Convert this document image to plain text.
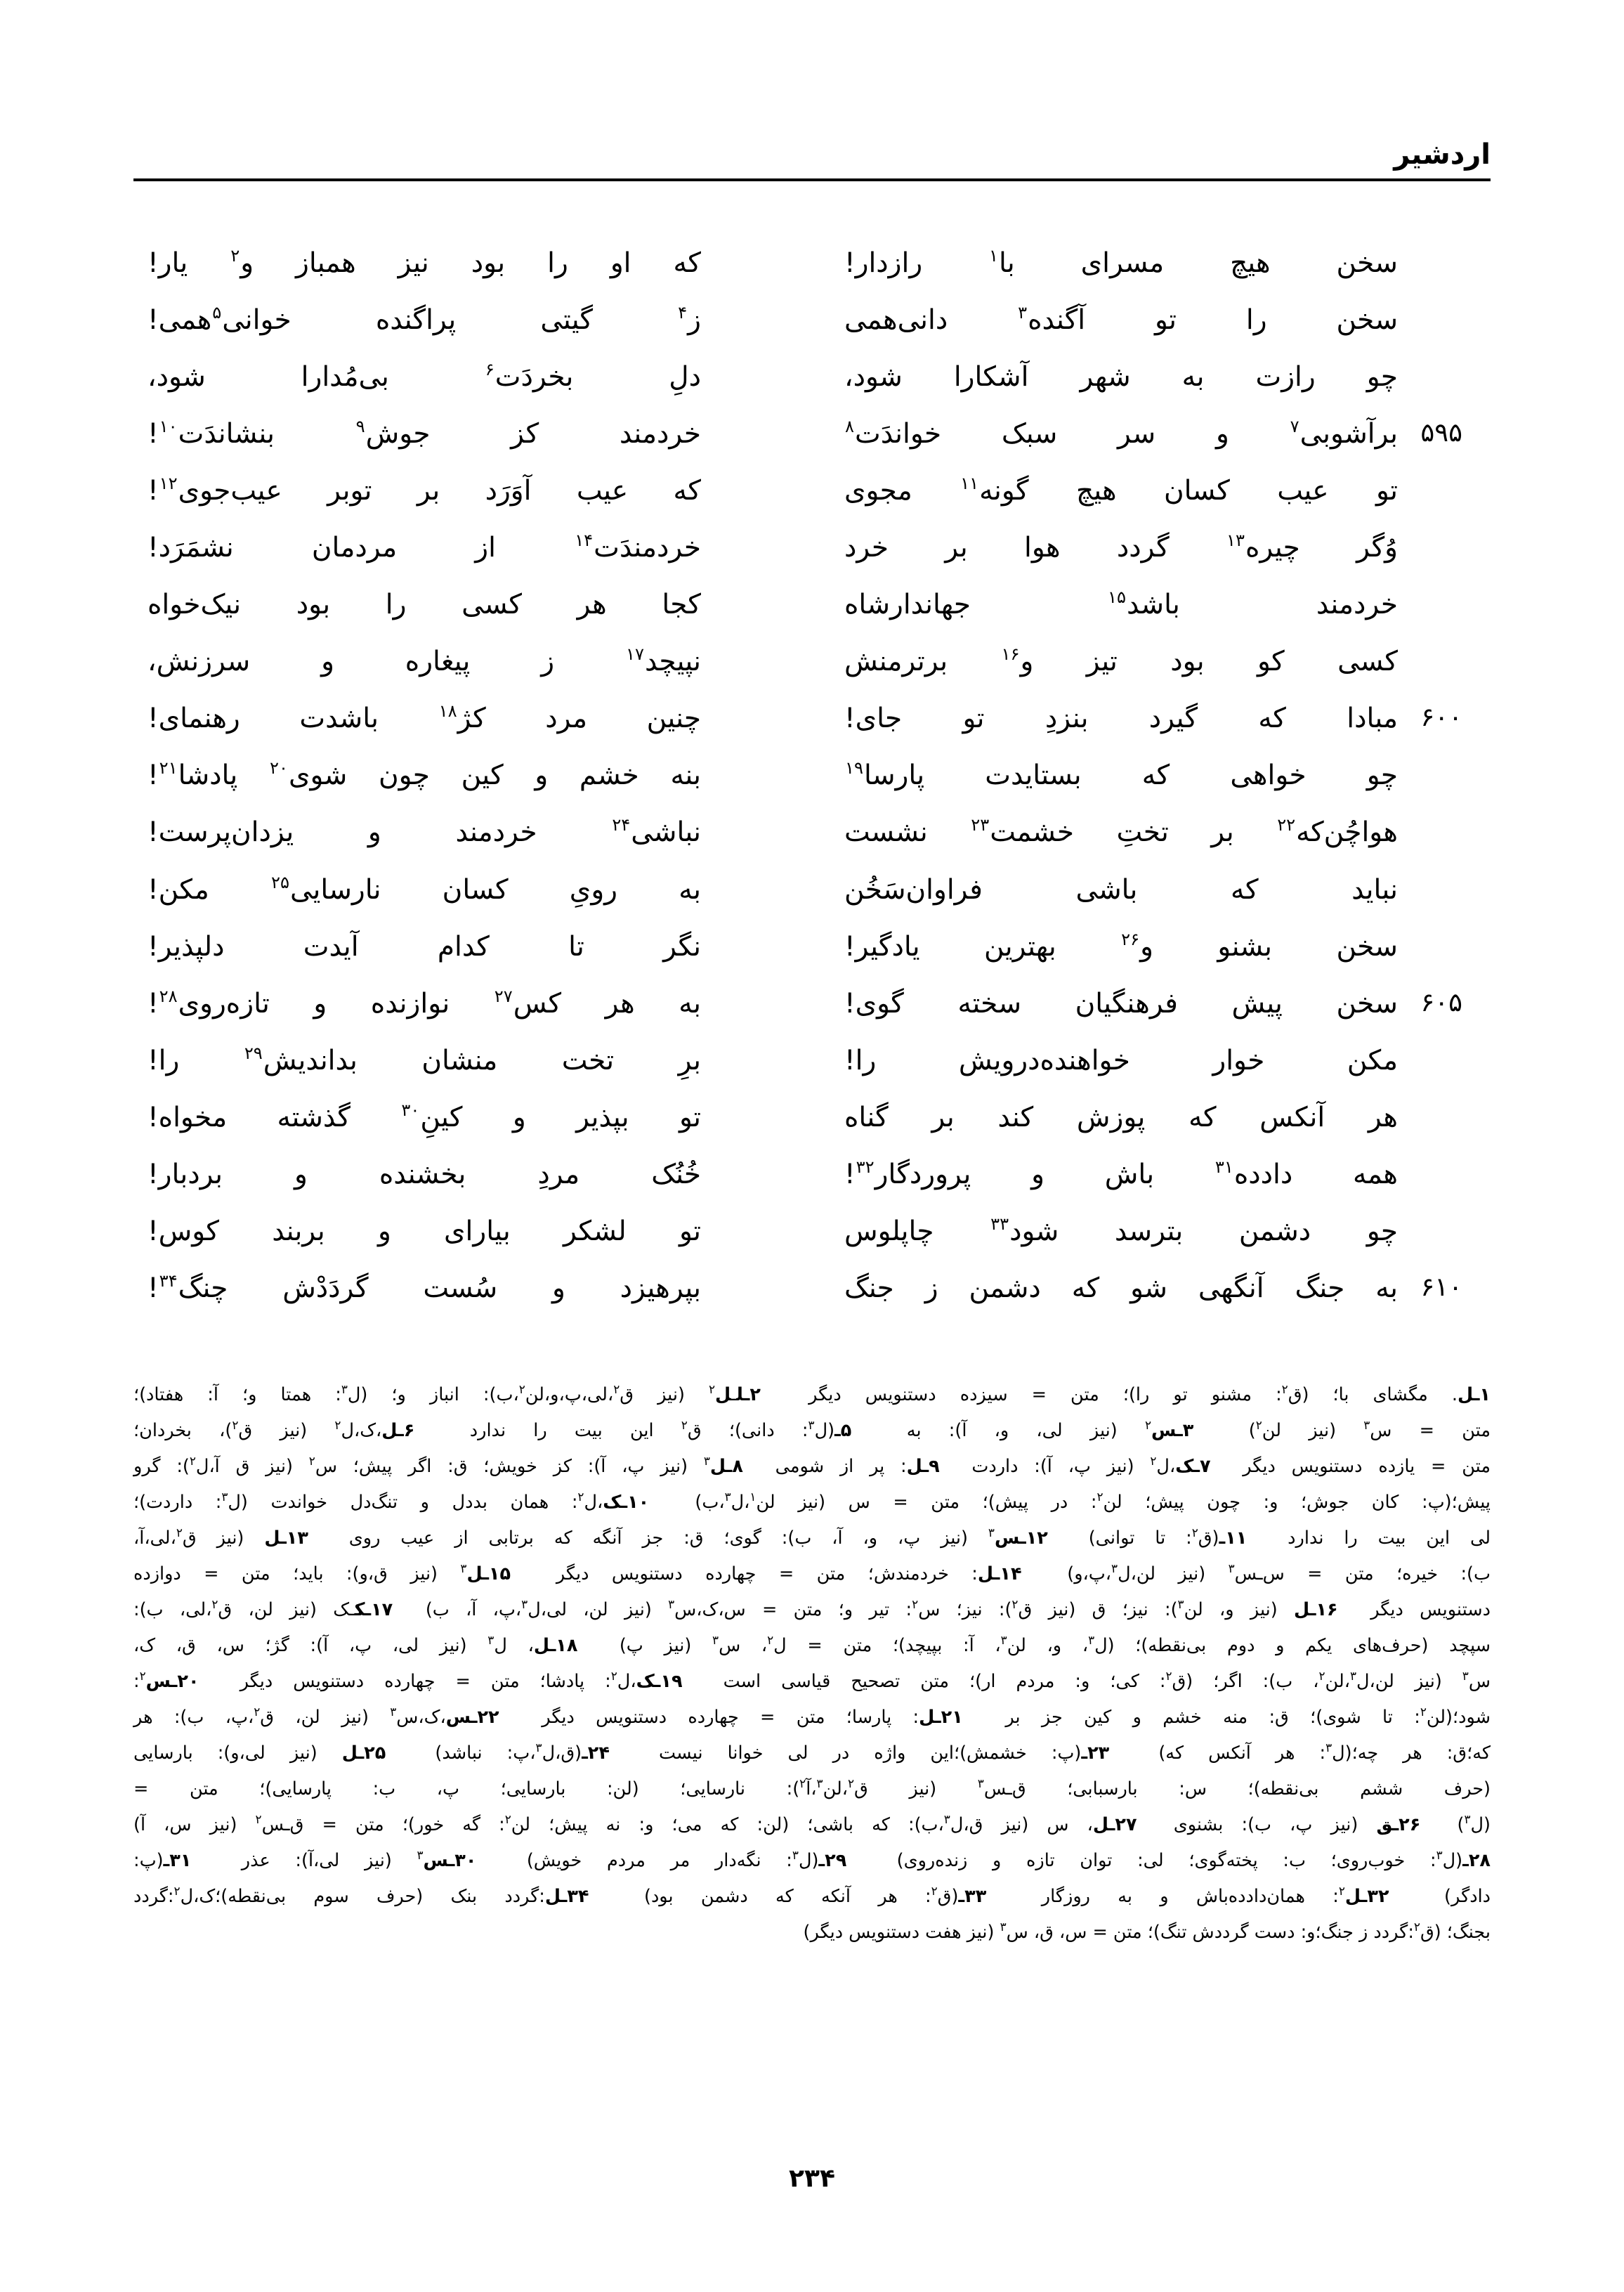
اردشیر
سخن هیچ مسرای با$^۱$ رازدار!
سخن را تو آگنده$^۳$ دانی‌همی
چو رازت به شهر آشکارا شود،
۵۹۵
برآشوبی$^۷$ و سر سبک خواندَت$^۸$
تو عیب کسان هیچ گونه$^{۱۱}$ مجوی
وُگر چیره$^{۱۳}$ گردد هوا بر خرد
خردمند باشد$^{۱۵}$ جهاندارشاه
کسی کو بود تیز و$^{۱۶}$ برترمنش
۶۰۰
مبادا که گیرد بنزدِ تو جای!
چو خواهی که بستایدت پارسا$^{۱۹}$
هواچُن‌که$^{۲۲}$ بر تختِ خشمت$^{۲۳}$ نشست
نباید که باشی فراوان‌سَخُن
سخن بشنو و$^{۲۶}$ بهترین یادگیر!
۶۰۵
سخن پیش فرهنگیان سخته گوی!
مکن خوار خواهنده‌درویش را!
هر آنکس که پوزش کند بر گناه
همه دادده$^{۳۱}$ باش و پروردگار$^{۳۲}$!
چو دشمن بترسد شود$^{۳۳}$ چاپلوس
۶۱۰
به جنگ آنگهی شو که دشمن ز جنگ
که او را بود نیز همباز و$^۲$ یار!
ز$^۴$ گیتی پراگنده خوانی$^۵$همی!
دلِ بخردَت$^۶$ بی‌مُدارا شود،
خردمند کز جوش$^۹$ بنشاندَت$^{۱۰}$!
که عیب آوَرَد بر توبر عیب‌جوی$^{۱۲}$!
خردمندَت$^{۱۴}$ از مردمان نشمَرَد!
کجا هر کسی را بود نیک‌خواه
نپیچد$^{۱۷}$ ز پیغاره و سرزنش،
چنین مرد کژ$^{۱۸}$ باشدت رهنمای!
بنه خشم و کین چون شوی$^{۲۰}$ پادشا$^{۲۱}$!
نباشی$^{۲۴}$ خردمند و یزدان‌پرست!
به رویِ کسان نارسایی$^{۲۵}$ مکن!
نگر تا کدام آیدت دلپذیر!
به هر کس$^{۲۷}$ نوازنده و تازه‌روی$^{۲۸}$!
برِ تخت منشان بداندیش$^{۲۹}$ را!
تو بپذیر و کینِ$^{۳۰}$ گذشته مخواه!
خُنُک مردِ بخشنده و بردبار!
تو لشکر بیارای و بربند کوس!
بپرهیزد و سُست گردَدْش چنگ$^{۳۴}$!

۱ـل. مگشای با؛ (ق$^۲$: مشنو تو را)؛ متن = سیزده دستنویس دیگر  ۲ـلـل$^۲$ (نیز ق$^۲$،لی،پ،و،لن$^۲$،ب): انباز و؛ (ل$^۳$: همتا و؛ آ: هفتاد)؛

متن = س$^۳$ (نیز لن$^۲$)  ۳ـس$^۲$ (نیز لی، و، آ): به  ۵ـ(ل$^۳$: دانی)؛ ق$^۲$ این بیت را ندارد  ۶ـل،ک،ل$^۲$ (نیز ق$^۲$)، بخردان؛

متن = یازده دستنویس دیگر  ۷ـک،ل$^۲$ (نیز پ، آ): داردت  ۹ـل: پر از شومی  ۸ـل$^۳$ (نیز پ، آ): کز خویش؛ ق: اگر پیش؛ س$^۲$ (نیز ق آ،ل$^۲$): گرو

پیش؛(پ: کان جوش؛ و: چون پیش؛ لن$^۲$: در پیش)؛ متن = س (نیز لن$^۱$،ل$^۳$،ب)  ۱۰ـک،ل$^۲$: همان بددل و تنگ‌دل خواندت (ل$^۳$: داردت)؛

لی این بیت را ندارد  ۱۱ـ(ق$^۲$: تا توانی)  ۱۲ـس$^۳$ (نیز پ، و، آ، ب): گوی؛ ق: جز آنگه که برتابی از عیب روی  ۱۳ـل (نیز ق$^۲$،لی،آ،

ب): خیره؛ متن = س‌ـس$^۳$ (نیز لن،ل$^۳$،پ،و)  ۱۴ـل: خردمندش؛ متن = چهارده دستنویس دیگر  ۱۵ـل$^۳$ (نیز ق،و): باید؛ متن = دوازده

دستنویس دیگر  ۱۶ـل (نیز و، لن$^۳$): نیز؛ ق (نیز ق$^۲$): نیز؛ س$^۲$: تیر و؛ متن = س،ک،س$^۳$ (نیز لن، لی،ل$^۳$،پ، آ، ب)  ۱۷ـکـک (نیز لن، ق$^۲$،لی، ب):

سپچد (حرف‌های یکم و دوم بی‌نقطه)؛ (ل$^۳$، و، لن$^۳$، آ: بپیچد)؛ متن = ل$^۲$، س$^۳$ (نیز پ)  ۱۸ـل، ل$^۳$ (نیز لی، پ، آ): گژ؛ س، ق، ک،

س$^۳$ (نیز لن،ل$^۳$،لن$^۲$، ب): اگر؛ (ق$^۲$: کی؛ و: مردم ار)؛ متن تصحیح قیاسی است  ۱۹ـک،ل$^۲$: پادشا؛ متن = چهارده دستنویس دیگر  ۲۰ـس$^۲$:

شود؛(لن$^۲$: تا شوی)؛ ق: منه خشم و کین جز بر  ۲۱ـل: پارسا؛ متن = چهارده دستنویس دیگر  ۲۲ـس،ک،س$^۳$ (نیز لن، ق$^۲$،پ، ب): هر

که؛ق: هر چه؛(ل$^۳$: هر آنکس که)  ۲۳ـ(پ: خشمش)؛این واژه در لی خوانا نیست  ۲۴ـ(ق،ل$^۳$،پ: نباشد)  ۲۵ـل (نیز لی،و): بارسایی

(حرف ششم بی‌نقطه)؛ س: بارسبابی؛ ق‌ـس$^۳$ (نیز ق$^۲$،لن$^۳$،آ$^۲$): نارسایی؛ (لن: بارسایی؛ پ، ب: پارسایی)؛ متن =

(ل$^۳$)  ۲۶ـق (نیز پ، ب): بشنوی  ۲۷ـل، س (نیز ق،ل$^۳$،ب): که باشی؛ (لن: که می؛ و: نه پیش؛ لن$^۲$: گه خور)؛ متن = ق‌ـس$^۲$ (نیز س، آ)

۲۸ـ(ل$^۳$: خوب‌روی؛ ب: پخته‌گوی؛ لی: توان تازه و زنده‌روی)  ۲۹ـ(ل$^۳$: نگه‌دار مر مردم خویش)  ۳۰ـس$^۳$ (نیز لی،آ): عذر  ۳۱ـ(پ:

دادگر)  ۳۲ـل$^۲$: همان‌دادده‌باش و به روزگار  ۳۳ـ(ق$^۲$: هر آنکه که دشمن بود)  ۳۴ـل:گردد بنک (حرف سوم بی‌نقطه)؛ک،ل$^۲$:گردد

بجنگ؛ (ق$^۲$:گردد ز جنگ؛و: دست گردد‌ش تنگ)؛ متن = س، ق، س$^۳$ (نیز هفت دستنویس دیگر)

۲۳۴
